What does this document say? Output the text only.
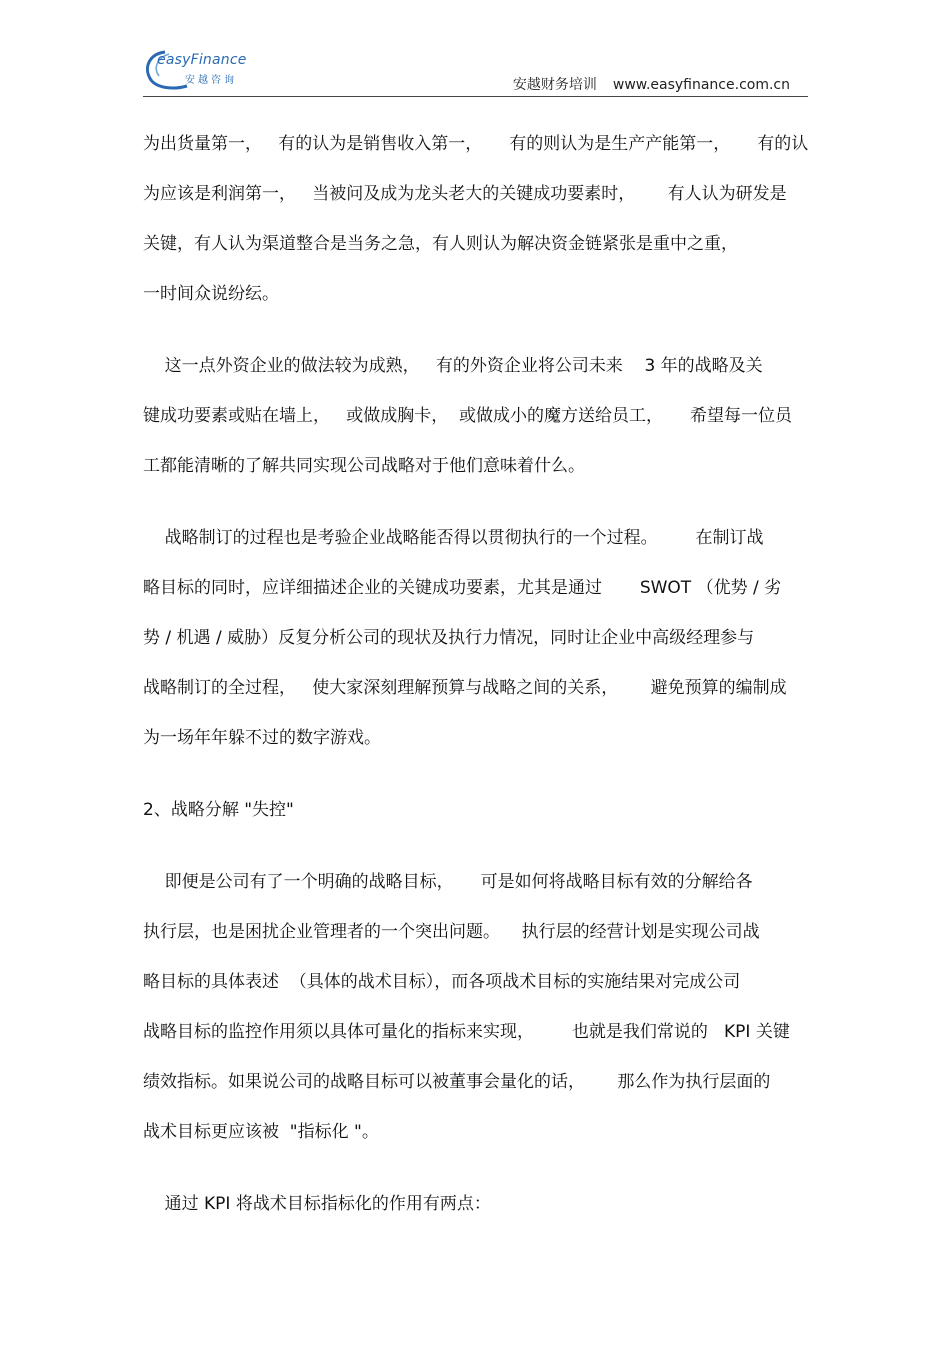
easyFinance
安越咨询	安越财务培训 www.easyfinance.com.cn
为出货量第一，   有的认为是销售收入第一，     有的则认为是生产产能第一，     有的认
为应该是利润第一，   当被问及成为龙头老大的关键成功要素时，      有人认为研发是
关键，有人认为渠道整合是当务之急，有人则认为解决资金链紧张是重中之重，
一时间众说纷纭。
这一点外资企业的做法较为成熟，   有的外资企业将公司未来    3 年的战略及关
键成功要素或贴在墙上，   或做成胸卡，  或做成小的魔方送给员工，     希望每一位员
工都能清晰的了解共同实现公司战略对于他们意味着什么。
战略制订的过程也是考验企业战略能否得以贯彻执行的一个过程。       在制订战
略目标的同时，应详细描述企业的关键成功要素，尤其是通过       SWOT （优势 / 劣
势 / 机遇 / 威胁）反复分析公司的现状及执行力情况，同时让企业中高级经理参与
战略制订的全过程，   使大家深刻理解预算与战略之间的关系，      避免预算的编制成
为一场年年躲不过的数字游戏。
2、战略分解 "失控"
即便是公司有了一个明确的战略目标，     可是如何将战略目标有效的分解给各
执行层，也是困扰企业管理者的一个突出问题。    执行层的经营计划是实现公司战
略目标的具体表述  （具体的战术目标），而各项战术目标的实施结果对完成公司
战略目标的监控作用须以具体可量化的指标来实现，       也就是我们常说的   KPI 关键
绩效指标。如果说公司的战略目标可以被董事会量化的话，      那么作为执行层面的
战术目标更应该被  "指标化 "。
通过 KPI 将战术目标指标化的作用有两点：
